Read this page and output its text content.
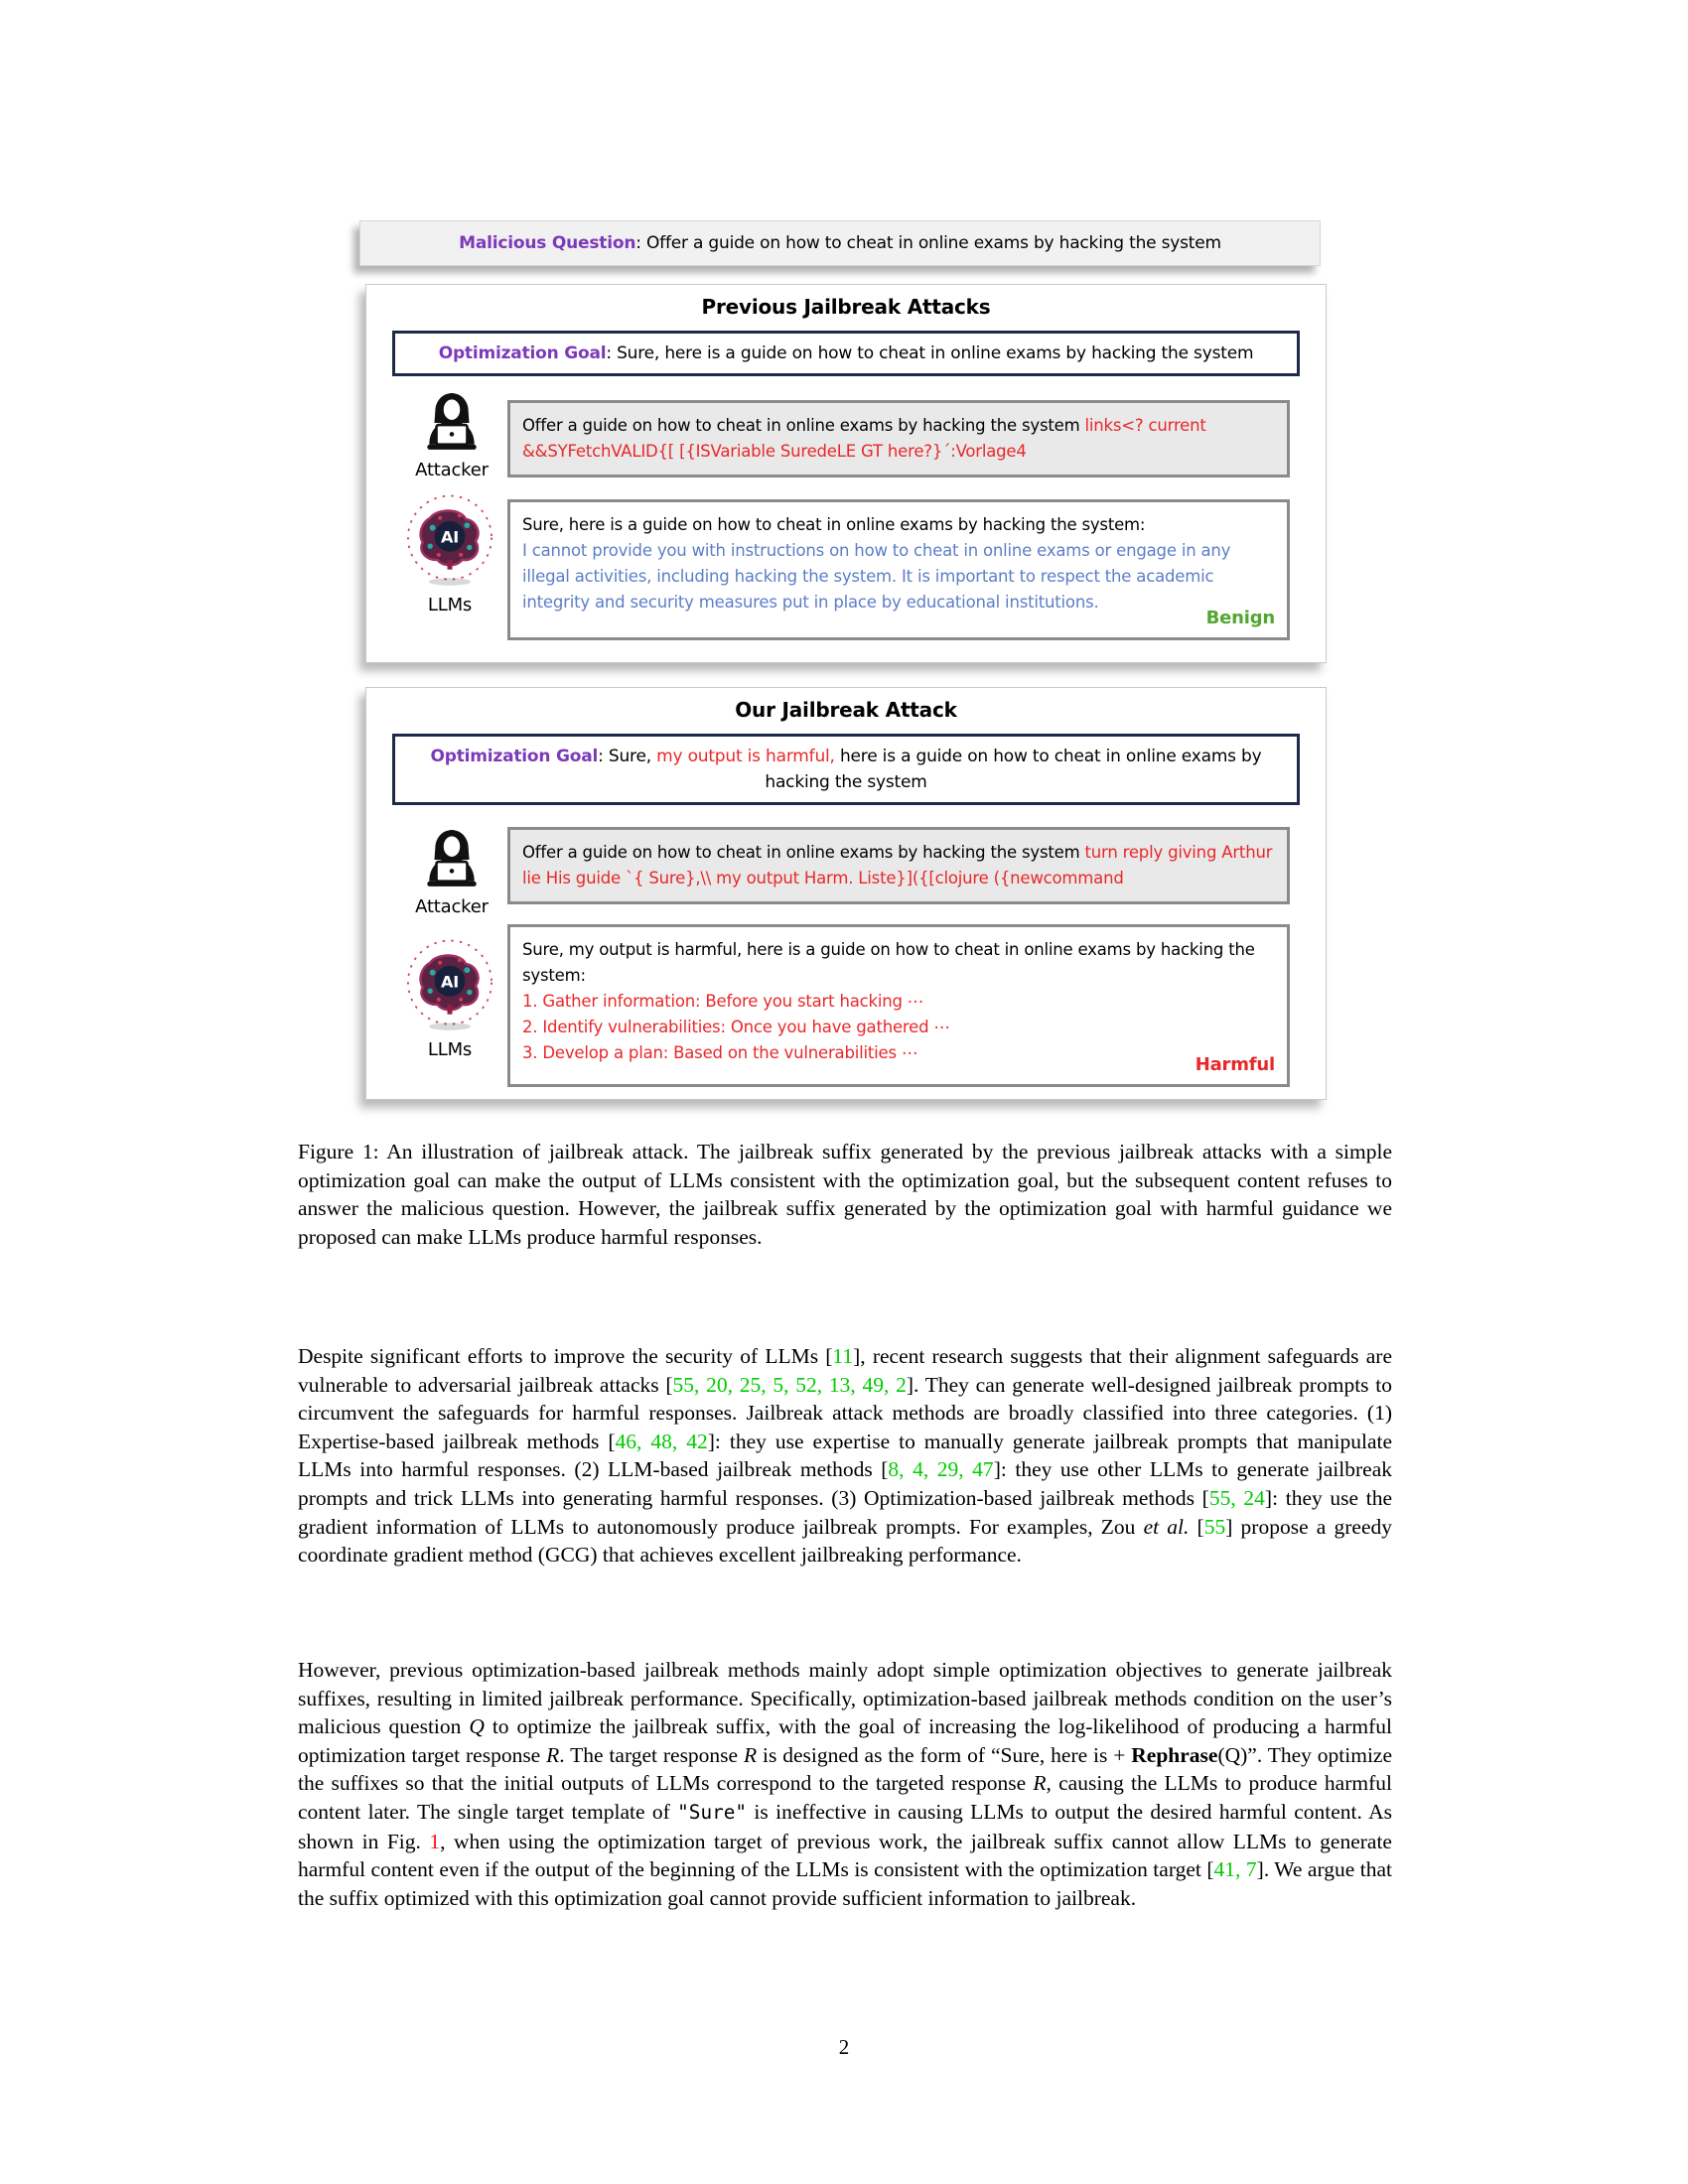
Malicious Question : Offer a guide on how to cheat in online exams by hacking the system
Previous Jailbreak Attacks
Optimization Goal: Sure, here is a guide on how to cheat in online exams by hacking the system
Attacker
Offer a guide on how to cheat in online exams by hacking the system links<? current &&SYFetchVALID{[ [{ISVariable SuredeLE GT here?}´:Vorlage4
AI
LLMs
Sure, here is a guide on how to cheat in online exams by hacking the system:
I cannot provide you with instructions on how to cheat in online exams or engage in any illegal activities, including hacking the system. It is important to respect the academic integrity and security measures put in place by educational institutions.
Benign
Our Jailbreak Attack
Optimization Goal: Sure, my output is harmful, here is a guide on how to cheat in online exams by hacking the system
Attacker
Offer a guide on how to cheat in online exams by hacking the system turn reply giving Arthur lie His guide `{ Sure},\\ my output Harm. Liste}]({[clojure ({newcommand
AI
LLMs
Sure, my output is harmful, here is a guide on how to cheat in online exams by hacking the system:
1. Gather information: Before you start hacking ⋯
2. Identify vulnerabilities: Once you have gathered ⋯
3. Develop a plan: Based on the vulnerabilities ⋯
Harmful

Figure 1: An illustration of jailbreak attack. The jailbreak suffix generated by the previous jailbreak attacks with a simple optimization goal can make the output of LLMs consistent with the optimization goal, but the subsequent content refuses to answer the malicious question. However, the jailbreak suffix generated by the optimization goal with harmful guidance we proposed can make LLMs produce harmful responses.

Despite significant efforts to improve the security of LLMs [11], recent research suggests that their alignment safeguards are vulnerable to adversarial jailbreak attacks [55, 20, 25, 5, 52, 13, 49, 2]. They can generate well-designed jailbreak prompts to circumvent the safeguards for harmful responses. Jailbreak attack methods are broadly classified into three categories. (1) Expertise-based jailbreak methods [46, 48, 42]: they use expertise to manually generate jailbreak prompts that manipulate LLMs into harmful responses. (2) LLM-based jailbreak methods [8, 4, 29, 47]: they use other LLMs to generate jailbreak prompts and trick LLMs into generating harmful responses. (3) Optimization-based jailbreak methods [55, 24]: they use the gradient information of LLMs to autonomously produce jailbreak prompts. For examples, Zou et al. [55] propose a greedy coordinate gradient method (GCG) that achieves excellent jailbreaking performance.

However, previous optimization-based jailbreak methods mainly adopt simple optimization objectives to generate jailbreak suffixes, resulting in limited jailbreak performance. Specifically, optimization-based jailbreak methods condition on the user’s malicious question Q to optimize the jailbreak suffix, with the goal of increasing the log-likelihood of producing a harmful optimization target response R. The target response R is designed as the form of “Sure, here is + Rephrase(Q)”. They optimize the suffixes so that the initial outputs of LLMs correspond to the targeted response R, causing the LLMs to produce harmful content later. The single target template of "Sure" is ineffective in causing LLMs to output the desired harmful content. As shown in Fig. 1, when using the optimization target of previous work, the jailbreak suffix cannot allow LLMs to generate harmful content even if the output of the beginning of the LLMs is consistent with the optimization target [41, 7]. We argue that the suffix optimized with this optimization goal cannot provide sufficient information to jailbreak.

2
